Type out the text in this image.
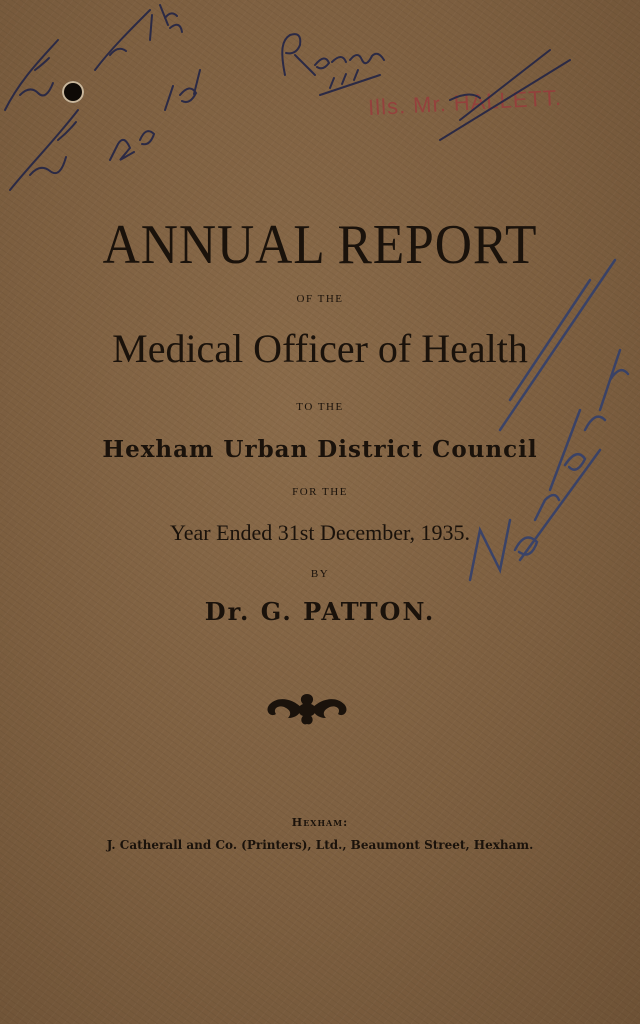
Ills. Mr. HALLETT.

ANNUAL REPORT

OF THE

Medical Officer of Health

TO THE

Hexham Urban District Council

FOR THE

Year Ended 31st December, 1935.

BY

Dr. G. PATTON.

Hexham:

J. Catherall and Co. (Printers), Ltd., Beaumont Street, Hexham.
